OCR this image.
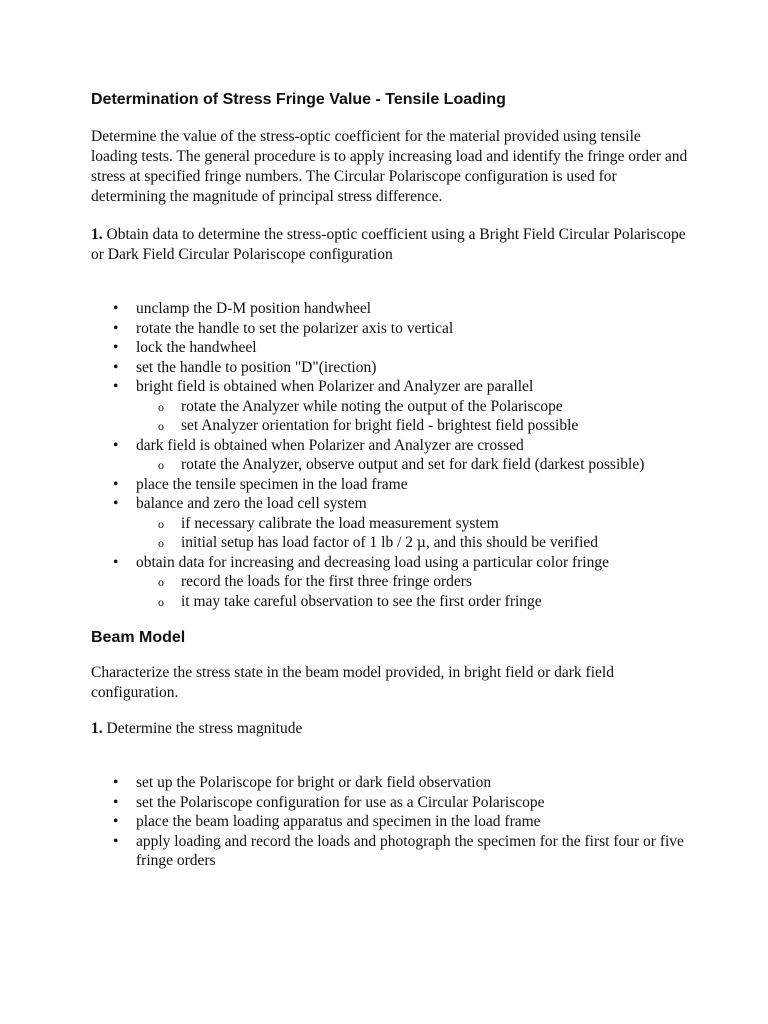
Determination of Stress Fringe Value - Tensile Loading

Determine the value of the stress-optic coefficient for the material provided using tensile loading tests. The general procedure is to apply increasing load and identify the fringe order and stress at specified fringe numbers. The Circular Polariscope configuration is used for determining the magnitude of principal stress difference.

1. Obtain data to determine the stress-optic coefficient using a Bright Field Circular Polariscope or Dark Field Circular Polariscope configuration

• unclamp the D-M position handwheel
• rotate the handle to set the polarizer axis to vertical
• lock the handwheel
• set the handle to position "D"(irection)
• bright field is obtained when Polarizer and Analyzer are parallel
o rotate the Analyzer while noting the output of the Polariscope
o set Analyzer orientation for bright field - brightest field possible
• dark field is obtained when Polarizer and Analyzer are crossed
o rotate the Analyzer, observe output and set for dark field (darkest possible)
• place the tensile specimen in the load frame
• balance and zero the load cell system
o if necessary calibrate the load measurement system
o initial setup has load factor of 1 lb / 2 µ, and this should be verified
• obtain data for increasing and decreasing load using a particular color fringe
o record the loads for the first three fringe orders
o it may take careful observation to see the first order fringe
Beam Model

Characterize the stress state in the beam model provided, in bright field or dark field configuration.

1. Determine the stress magnitude

• set up the Polariscope for bright or dark field observation
• set the Polariscope configuration for use as a Circular Polariscope
• place the beam loading apparatus and specimen in the load frame
• apply loading and record the loads and photograph the specimen for the first four or five fringe orders
